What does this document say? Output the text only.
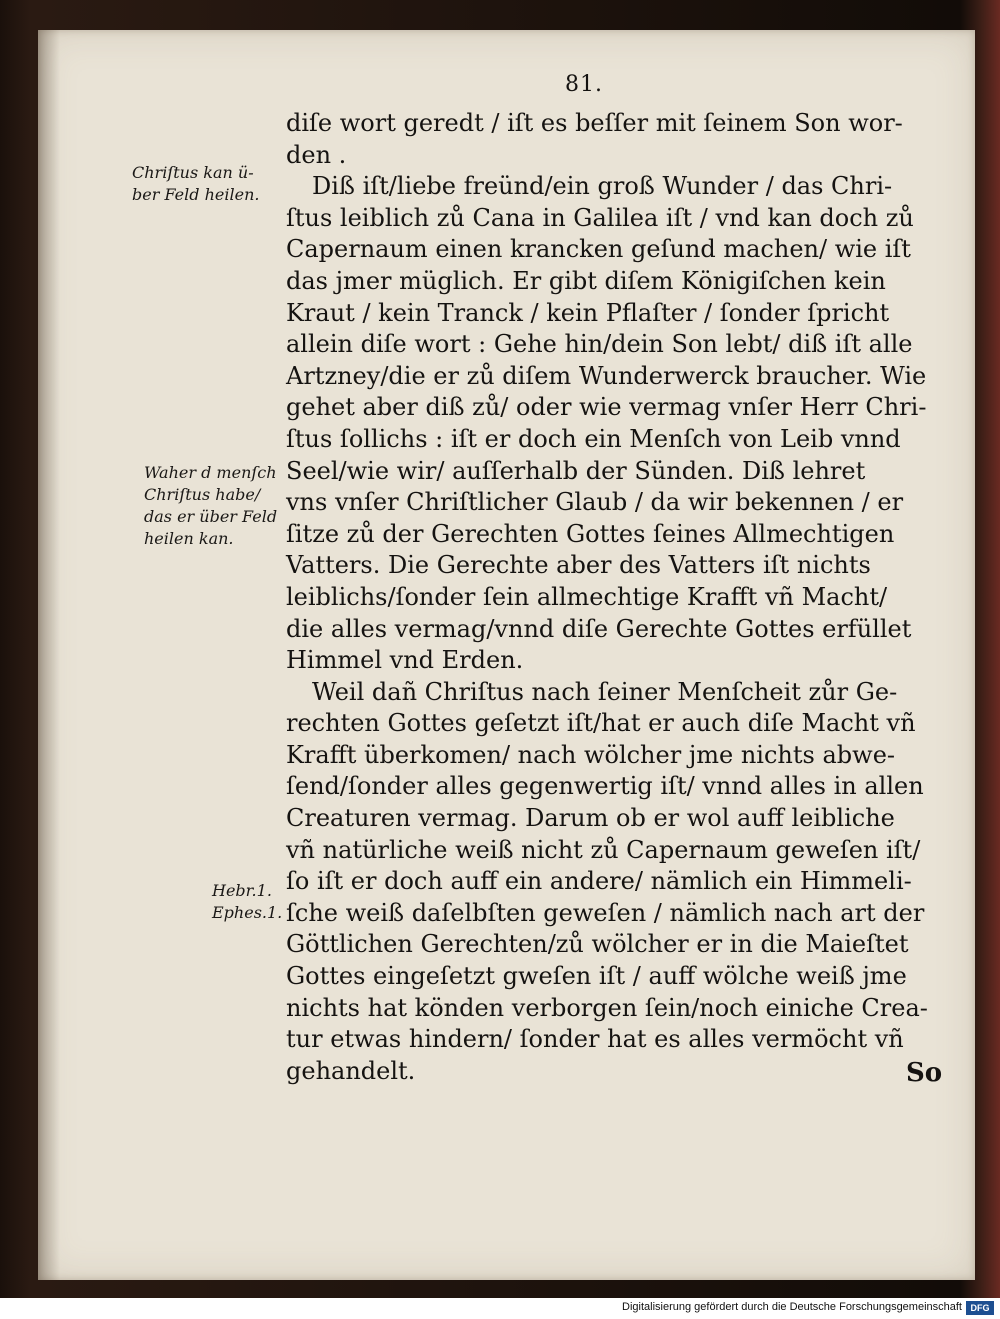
81.
diſe wort geredt / iſt es beſſer mit ſeinem Son wor-
den .
Diß iſt/liebe freünd/ein groß Wunder / das Chri-
ſtus leiblich zů Cana in Galilea iſt / vnd kan doch zů
Capernaum einen krancken geſund machen/ wie iſt
das jmer müglich. Er gibt diſem Königiſchen kein
Kraut / kein Tranck / kein Pflaſter / ſonder ſpricht
allein diſe wort : Gehe hin/dein Son lebt/ diß iſt alle
Artzney/die er zů diſem Wunderwerck braucher. Wie
gehet aber diß zů/ oder wie vermag vnſer Herr Chri-
ſtus ſollichs : iſt er doch ein Menſch von Leib vnnd
Seel/wie wir/ auſſerhalb der Sünden. Diß lehret
vns vnſer Chriſtlicher Glaub / da wir bekennen / er
ſitze zů der Gerechten Gottes ſeines Allmechtigen
Vatters. Die Gerechte aber des Vatters iſt nichts
leiblichs/ſonder ſein allmechtige Krafft vñ Macht/
die alles vermag/vnnd diſe Gerechte Gottes erfüllet
Himmel vnd Erden.
Weil dañ Chriſtus nach ſeiner Menſcheit zůr Ge-
rechten Gottes geſetzt iſt/hat er auch diſe Macht vñ
Krafft überkomen/ nach wölcher jme nichts abwe-
ſend/ſonder alles gegenwertig iſt/ vnnd alles in allen
Creaturen vermag. Darum ob er wol auff leibliche
vñ natürliche weiß nicht zů Capernaum geweſen iſt/
ſo iſt er doch auff ein andere/ nämlich ein Himmeli-
ſche weiß daſelbſten geweſen / nämlich nach art der
Göttlichen Gerechten/zů wölcher er in die Maieſtet
Gottes eingeſetzt gweſen iſt / auff wölche weiß jme
nichts hat könden verborgen ſein/noch einiche Crea-
tur etwas hindern/ ſonder hat es alles vermöcht vñ
gehandelt.
Chriſtus kan ü-
ber Feld heilen.
Waher d menſch
Chriſtus habe/
das er über Feld
heilen kan.
Hebr.1.
Ephes.1.
So
Digitalisierung gefördert durch die Deutsche Forschungsgemeinschaft DFG
